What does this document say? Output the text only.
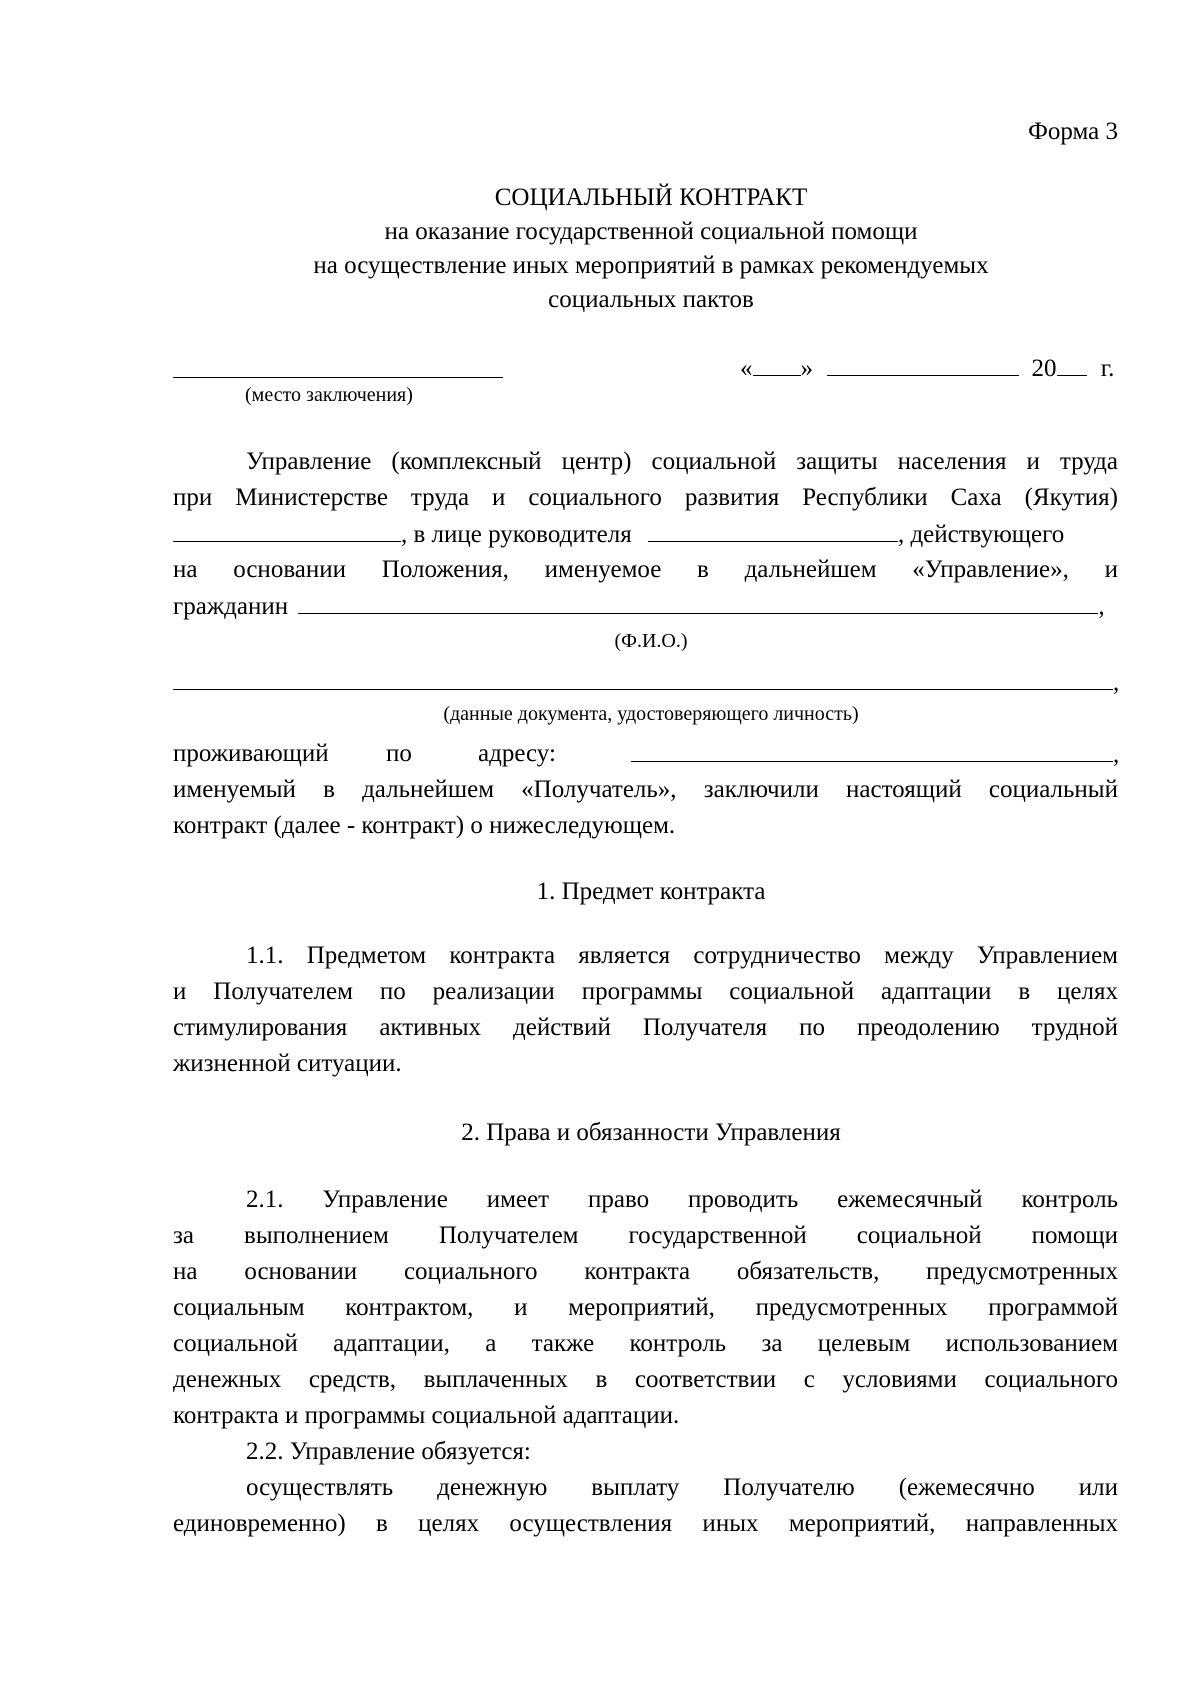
Форма 3
СОЦИАЛЬНЫЙ КОНТРАКТ
на оказание государственной социальной помощи
на осуществление иных мероприятий в рамках рекомендуемых
социальных пактов
« »	20 г.
(место заключения)
Управление (комплексный центр) социальной защиты населения и труда
при Министерстве труда и социального развития Республики Саха (Якутия)
, в лице руководителя	, действующего
на основании Положения, именуемое в дальнейшем «Управление», и
гражданин	,
(Ф.И.О.)
,
(данные документа, удостоверяющего личность)
проживающий по	адресу:	,
именуемый в дальнейшем «Получатель», заключили настоящий социальный
контракт (далее - контракт) о нижеследующем.
1. Предмет контракта
1.1. Предметом контракта является сотрудничество между Управлением
и Получателем по реализации программы социальной адаптации в целях
стимулирования активных действий Получателя по преодолению трудной
жизненной ситуации.
2. Права и обязанности Управления
2.1. Управление имеет право проводить ежемесячный контроль
за выполнением Получателем государственной социальной помощи
на основании социального контракта обязательств, предусмотренных
социальным контрактом, и мероприятий, предусмотренных программой
социальной адаптации, а также контроль за целевым использованием
денежных средств, выплаченных в соответствии с условиями социального
контракта и программы социальной адаптации.
2.2. Управление обязуется:
осуществлять денежную выплату Получателю (ежемесячно или
единовременно) в целях осуществления иных мероприятий, направленных
